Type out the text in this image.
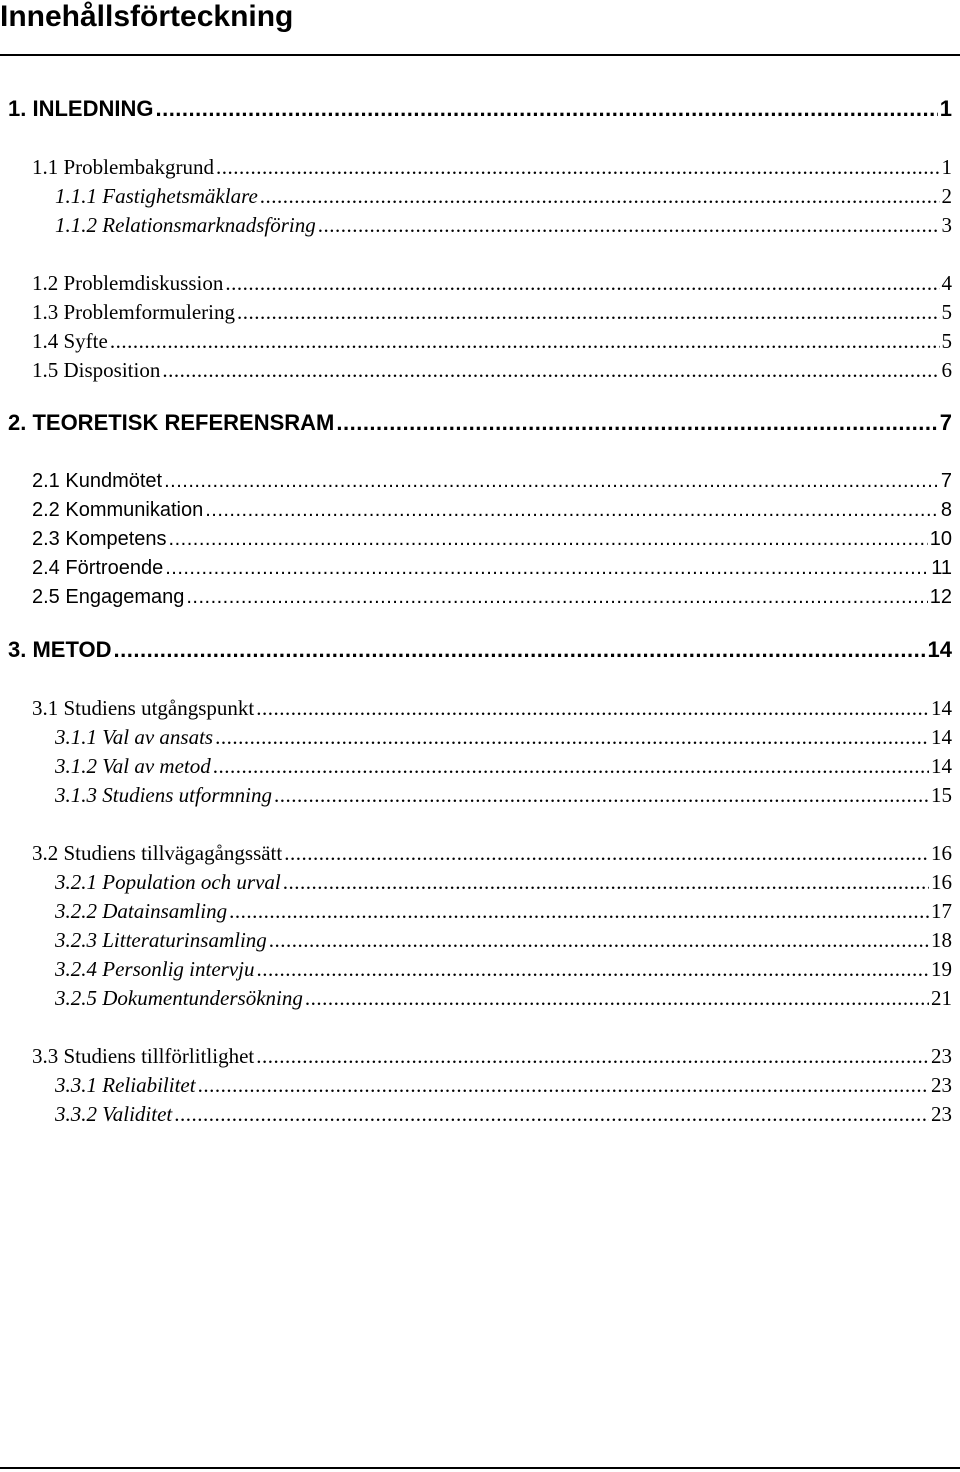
Innehållsförteckning
1. INLEDNING .....	1
1.1 Problembakgrund .....	1
1.1.1 Fastighetsmäklare .....	2
1.1.2 Relationsmarknadsföring .....	3
1.2 Problemdiskussion .....	4
1.3 Problemformulering .....	5
1.4 Syfte .....	5
1.5 Disposition .....	6
2. TEORETISK REFERENSRAM .....	7
2.1 Kundmötet .....	7
2.2 Kommunikation .....	8
2.3 Kompetens .....	10
2.4 Förtroende .....	11
2.5 Engagemang .....	12
3. METOD .....	14
3.1 Studiens utgångspunkt .....	14
3.1.1 Val av ansats .....	14
3.1.2 Val av metod .....	14
3.1.3 Studiens utformning .....	15
3.2 Studiens tillvägagångssätt .....	16
3.2.1 Population och urval .....	16
3.2.2 Datainsamling .....	17
3.2.3 Litteraturinsamling .....	18
3.2.4 Personlig intervju .....	19
3.2.5 Dokumentundersökning .....	21
3.3 Studiens tillförlitlighet .....	23
3.3.1 Reliabilitet .....	23
3.3.2 Validitet .....	23
